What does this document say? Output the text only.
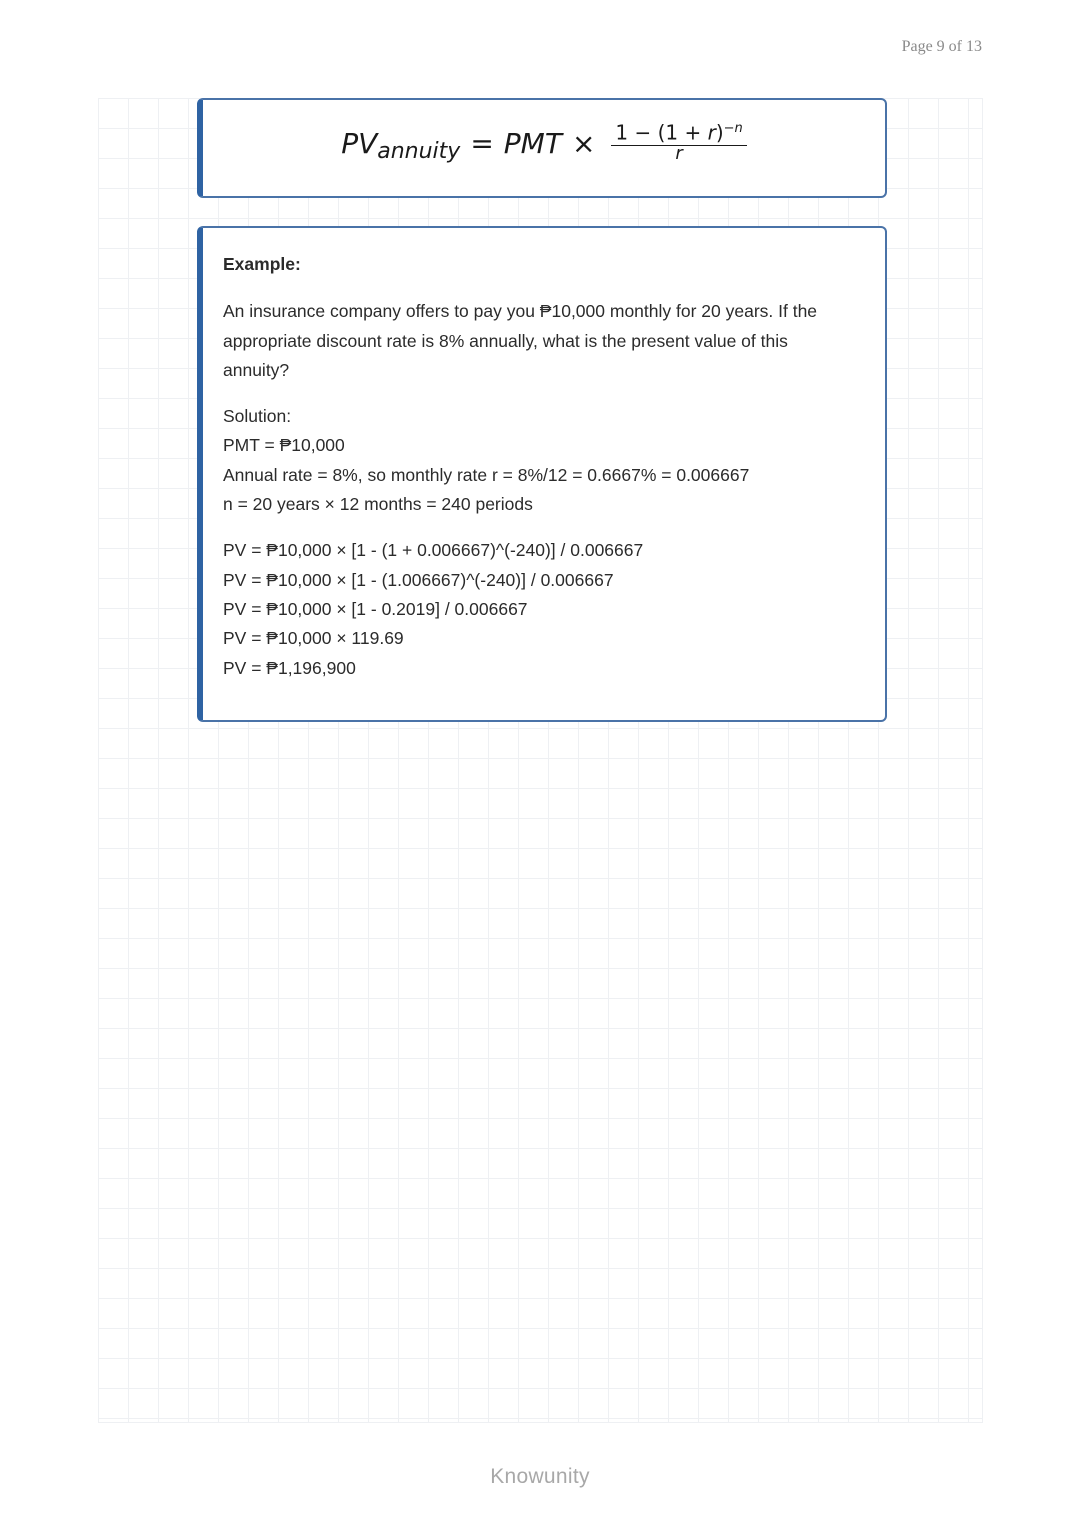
Page 9 of 13
PV annuity = PMT × $\frac{1 - (1 + r)^{-n}}{r}$

Example:

An insurance company offers to pay you ₱10,000 monthly for 20 years. If the

appropriate discount rate is 8% annually, what is the present value of this

annuity?

Solution:

PMT = ₱10,000

Annual rate = 8%, so monthly rate r = 8%/12 = 0.6667% = 0.006667

n = 20 years × 12 months = 240 periods

PV = ₱10,000 × [1 - (1 + 0.006667)^(-240)] / 0.006667

PV = ₱10,000 × [1 - (1.006667)^(-240)] / 0.006667

PV = ₱10,000 × [1 - 0.2019] / 0.006667

PV = ₱10,000 × 119.69

PV = ₱1,196,900

Knowunity
